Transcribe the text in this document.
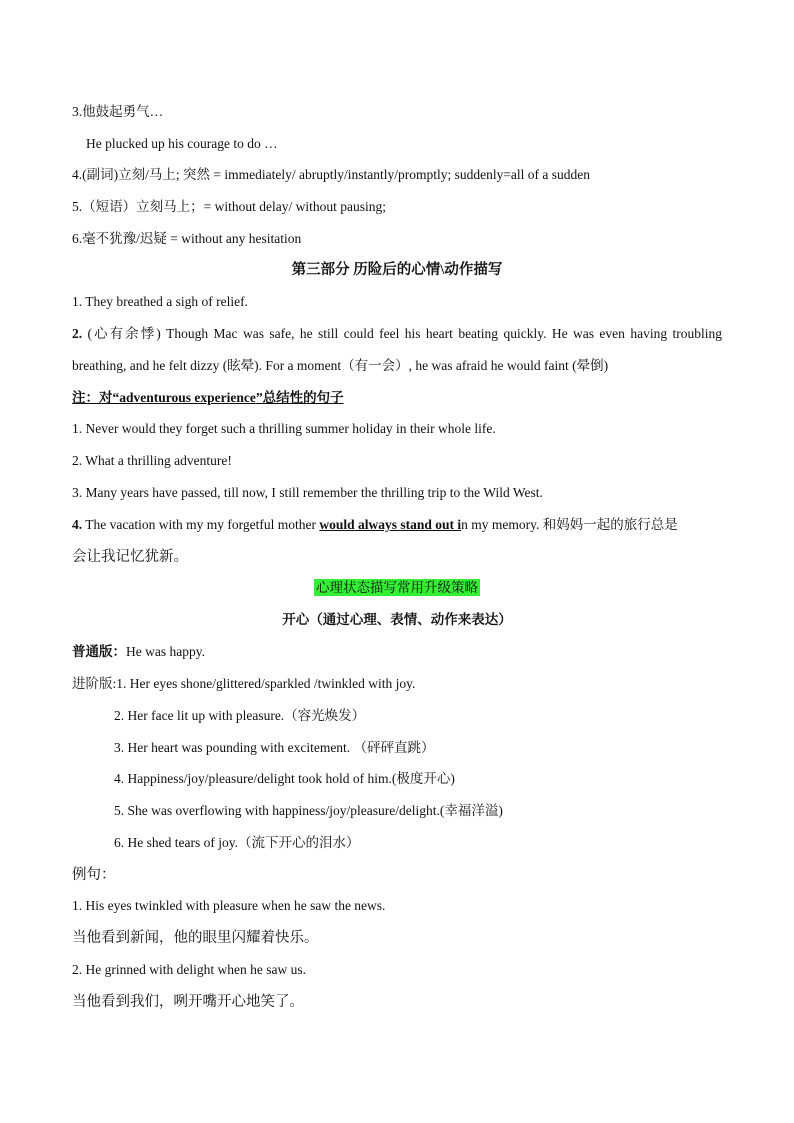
3.他鼓起勇气…
He plucked up his courage to do …
4.(副词)立刻/马上; 突然 = immediately/ abruptly/instantly/promptly; suddenly=all of a sudden
5.（短语）立刻马上；= without delay/ without pausing;
6.毫不犹豫/迟疑 = without any hesitation
第三部分 历险后的心情\动作描写
1. They breathed a sigh of relief.
2. (心有余悸) Though Mac was safe, he still could feel his heart beating quickly. He was even having troubling
breathing, and he felt dizzy (眩晕). For a moment（有一会）, he was afraid he would faint (晕倒)
注：对“adventurous experience”总结性的句子
1. Never would they forget such a thrilling summer holiday in their whole life.
2. What a thrilling adventure!
3. Many years have passed, till now, I still remember the thrilling trip to the Wild West.
4. The vacation with my my forgetful mother would always stand out in my memory. 和妈妈一起的旅行总是
会让我记忆犹新。
心理状态描写常用升级策略
开心（通过心理、表情、动作来表达）
普通版：He was happy.
进阶版:1. Her eyes shone/glittered/sparkled /twinkled with joy.
2. Her face lit up with pleasure.（容光焕发）
3. Her heart was pounding with excitement. （砰砰直跳）
4. Happiness/joy/pleasure/delight took hold of him.(极度开心)
5. She was overflowing with happiness/joy/pleasure/delight.(幸福洋溢)
6. He shed tears of joy.（流下开心的泪水）
例句：
1. His eyes twinkled with pleasure when he saw the news.
当他看到新闻，他的眼里闪耀着快乐。
2. He grinned with delight when he saw us.
当他看到我们，咧开嘴开心地笑了。
